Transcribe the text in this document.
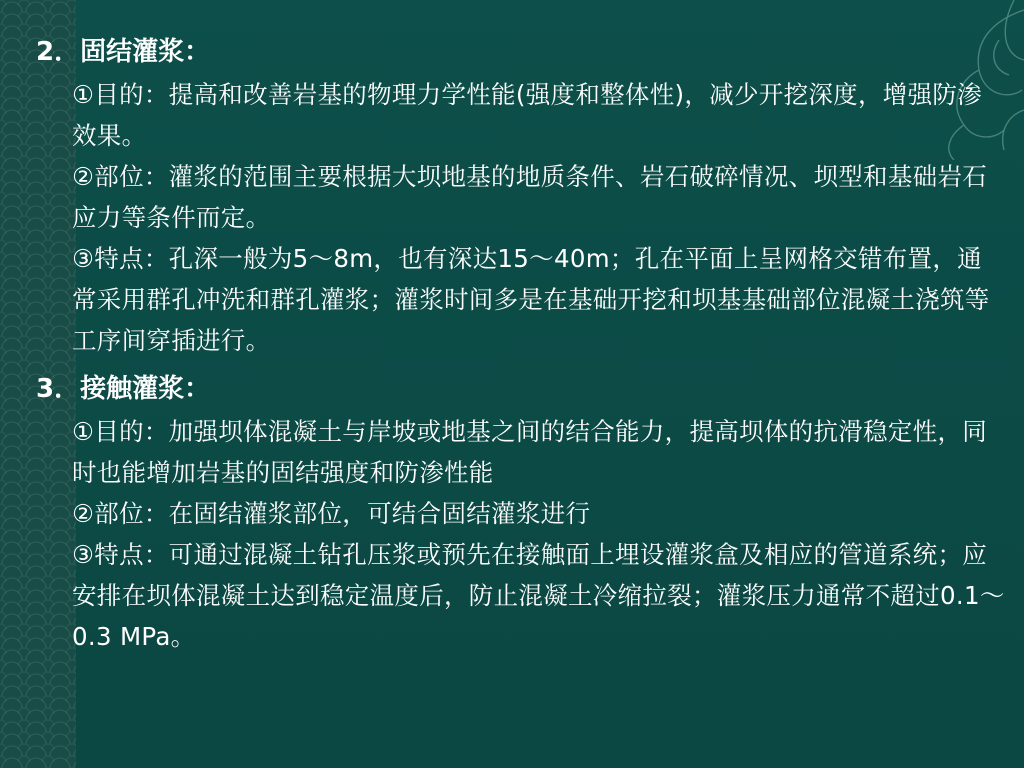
2．固结灌浆：

①目的：提高和改善岩基的物理力学性能(强度和整体性)，减少开挖深度，增强防渗效果。

②部位：灌浆的范围主要根据大坝地基的地质条件、岩石破碎情况、坝型和基础岩石应力等条件而定。

③特点：孔深一般为5～8m，也有深达15～40m；孔在平面上呈网格交错布置，通常采用群孔冲洗和群孔灌浆；灌浆时间多是在基础开挖和坝基基础部位混凝土浇筑等工序间穿插进行。

3．接触灌浆：

①目的：加强坝体混凝土与岸坡或地基之间的结合能力，提高坝体的抗滑稳定性，同时也能增加岩基的固结强度和防渗性能

②部位：在固结灌浆部位，可结合固结灌浆进行

③特点：可通过混凝土钻孔压浆或预先在接触面上埋设灌浆盒及相应的管道系统；应安排在坝体混凝土达到稳定温度后，防止混凝土冷缩拉裂；灌浆压力通常不超过0.1～0.3 MPa。
